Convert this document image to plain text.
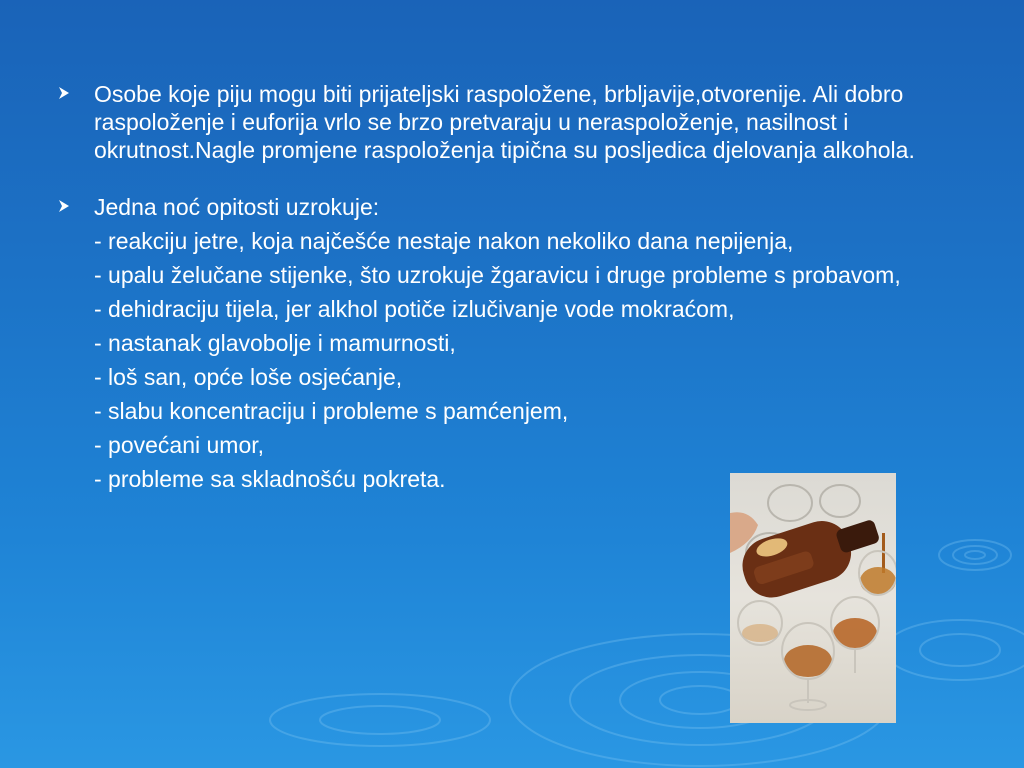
Osobe koje piju mogu biti prijateljski raspoložene, brbljavije,otvorenije. Ali dobro raspoloženje i euforija vrlo se brzo pretvaraju u neraspoloženje, nasilnost i okrutnost.Nagle promjene raspoloženja tipična su posljedica djelovanja alkohola.
Jedna noć opitosti uzrokuje:
- reakciju jetre, koja najčešće nestaje nakon nekoliko dana nepijenja,
- upalu želučane stijenke, što uzrokuje žgaravicu i druge probleme s probavom,
- dehidraciju tijela, jer alkhol potiče izlučivanje vode mokraćom,
- nastanak glavobolje i mamurnosti,
- loš san, opće loše osjećanje,
- slabu koncentraciju i probleme s pamćenjem,
- povećani umor,
- probleme sa skladnošću pokreta.
